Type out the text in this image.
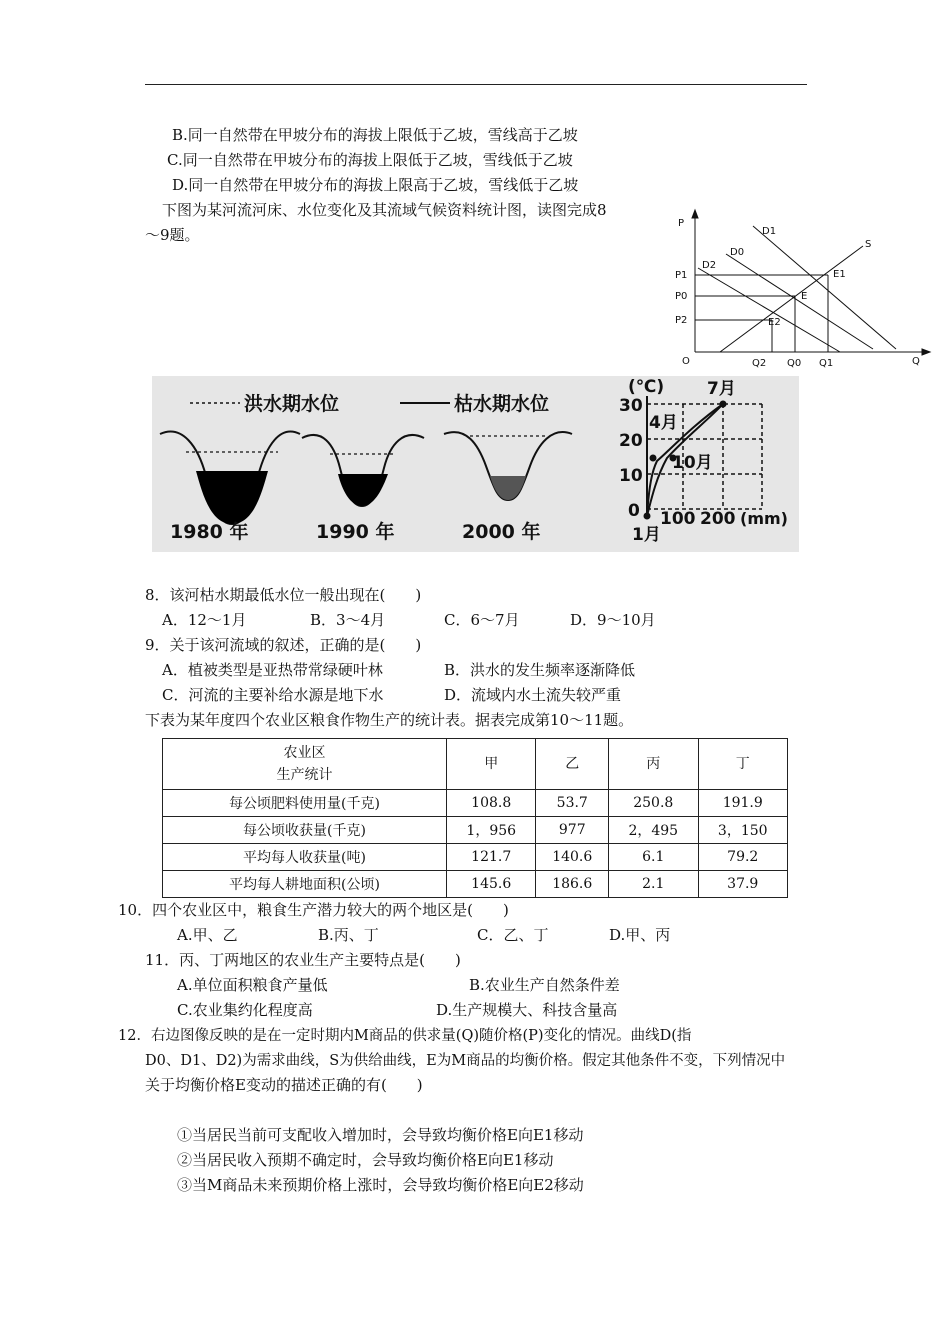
B.同一自然带在甲坡分布的海拔上限低于乙坡，雪线高于乙坡
C.同一自然带在甲坡分布的海拔上限低于乙坡，雪线低于乙坡
D.同一自然带在甲坡分布的海拔上限高于乙坡，雪线低于乙坡
下图为某河流河床、水位变化及其流域气候资料统计图，读图完成8
～9题。
P
Q
O
P1
P0
P2
Q2 Q0 Q1
D1
D0
D2
S
E1
E
E2
洪水期水位	枯水期水位
1980 年	1990 年	2000 年
(℃)	7月
30
20
10
0
4月
10月
100 200 (mm)
1月
8．该河枯水期最低水位一般出现在(　　)
A．12～1月	B．3～4月	C．6～7月	D．9～10月
9．关于该河流域的叙述，正确的是(　　)
A．植被类型是亚热带常绿硬叶林	B．洪水的发生频率逐渐降低
C．河流的主要补给水源是地下水	D．流域内水土流失较严重
下表为某年度四个农业区粮食作物生产的统计表。据表完成第10～11题。
农业区
生产统计	甲	乙	丙	丁
每公顷肥料使用量(千克)	108.8	53.7	250.8	191.9
每公顷收获量(千克)	1，956	977	2，495	3，150
平均每人收获量(吨)	121.7	140.6	6.1	79.2
平均每人耕地面积(公顷)	145.6	186.6	2.1	37.9
10．四个农业区中，粮食生产潜力较大的两个地区是(　　)
A.甲、乙	B.丙、丁	C．乙、丁	D.甲、丙
11．丙、丁两地区的农业生产主要特点是(　　)
A.单位面积粮食产量低	B.农业生产自然条件差
C.农业集约化程度高	D.生产规模大、科技含量高
12．右边图像反映的是在一定时期内M商品的供求量(Q)随价格(P)变化的情况。曲线D(指
D0、D1、D2)为需求曲线，S为供给曲线，E为M商品的均衡价格。假定其他条件不变，下列情况中
关于均衡价格E变动的描述正确的有(　　)
①当居民当前可支配收入增加时，会导致均衡价格E向E1移动
②当居民收入预期不确定时，会导致均衡价格E向E1移动
③当M商品未来预期价格上涨时，会导致均衡价格E向E2移动
